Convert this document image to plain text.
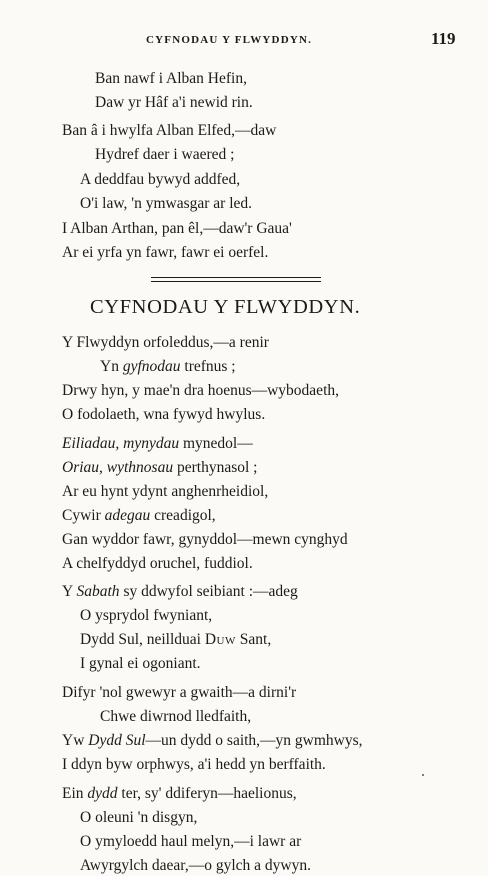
CYFNODAU Y FLWYDDYN.	119
Ban nawf i Alban Hefin,
Daw yr Hâf a'i newid rin.
Ban â i hwylfa Alban Elfed,—daw
Hydref daer i waered ;
A deddfau bywyd addfed,
O'i law, 'n ymwasgar ar led.
I Alban Arthan, pan êl,—daw'r Gaua'
Ar ei yrfa yn fawr, fawr ei oerfel.
CYFNODAU Y FLWYDDYN.
Y Flwyddyn orfoleddus,—a renir
Yn gyfnodau trefnus ;
Drwy hyn, y mae'n dra hoenus—wybodaeth,
O fodolaeth, wna fywyd hwylus.
Eiliadau, mynydau mynedol—
Oriau, wythnosau perthynasol ;
Ar eu hynt ydynt anghenrheidiol,
Cywir adegau creadigol,
Gan wyddor fawr, gynyddol—mewn cynghyd
A chelfyddyd oruchel, fuddiol.
Y Sabath sy ddwyfol seibiant :—adeg
O ysprydol fwyniant,
Dydd Sul, neillduai Duw Sant,
I gynal ei ogoniant.
Difyr 'nol gwewyr a gwaith—a dirni'r
Chwe diwrnod lledfaith,
Yw Dydd Sul—un dydd o saith,—yn gwmhwys,
I ddyn byw orphwys, a'i hedd yn berffaith.
Ein dydd ter, sy' ddiferyn—haelionus,
O oleuni 'n disgyn,
O ymyloedd haul melyn,—i lawr ar
Awyrgylch daear,—o gylch a dywyn.
